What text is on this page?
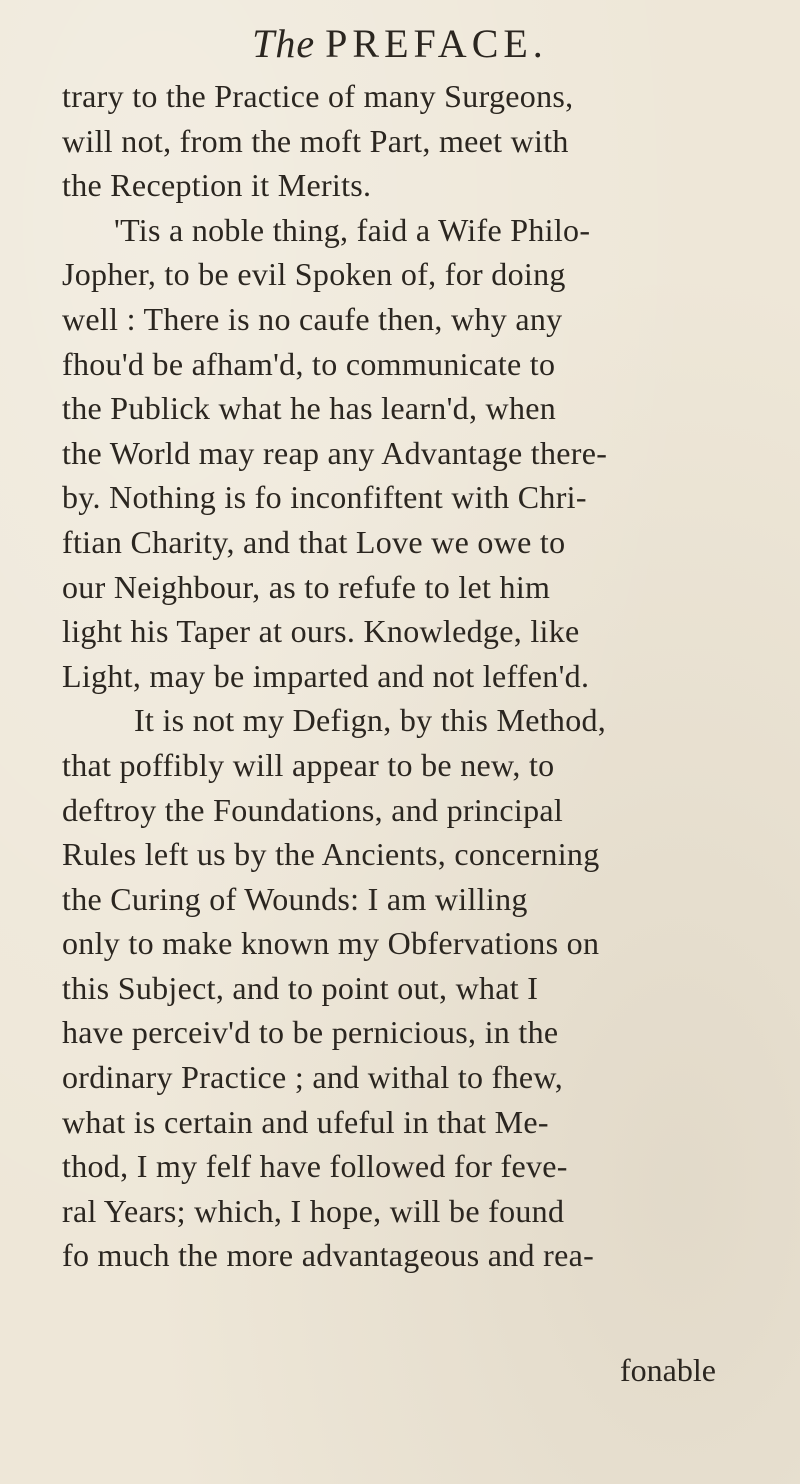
The PREFACE.
trary to the Practice of many Surgeons,
will not, from the moft Part, meet with
the Reception it Merits.
'Tis a noble thing, faid a Wife Philo-
Jopher, to be evil Spoken of, for doing
well : There is no caufe then, why any
fhou'd be afham'd, to communicate to
the Publick what he has learn'd, when
the World may reap any Advantage there-
by. Nothing is fo inconfiftent with Chri-
ftian Charity, and that Love we owe to
our Neighbour, as to refufe to let him
light his Taper at ours. Knowledge, like
Light, may be imparted and not leffen'd.
It is not my Defign, by this Method,
that poffibly will appear to be new, to
deftroy the Foundations, and principal
Rules left us by the Ancients, concerning
the Curing of Wounds: I am willing
only to make known my Obfervations on
this Subject, and to point out, what I
have perceiv'd to be pernicious, in the
ordinary Practice ; and withal to fhew,
what is certain and ufeful in that Me-
thod, I my felf have followed for feve-
ral Years; which, I hope, will be found
fo much the more advantageous and rea-
fonable
